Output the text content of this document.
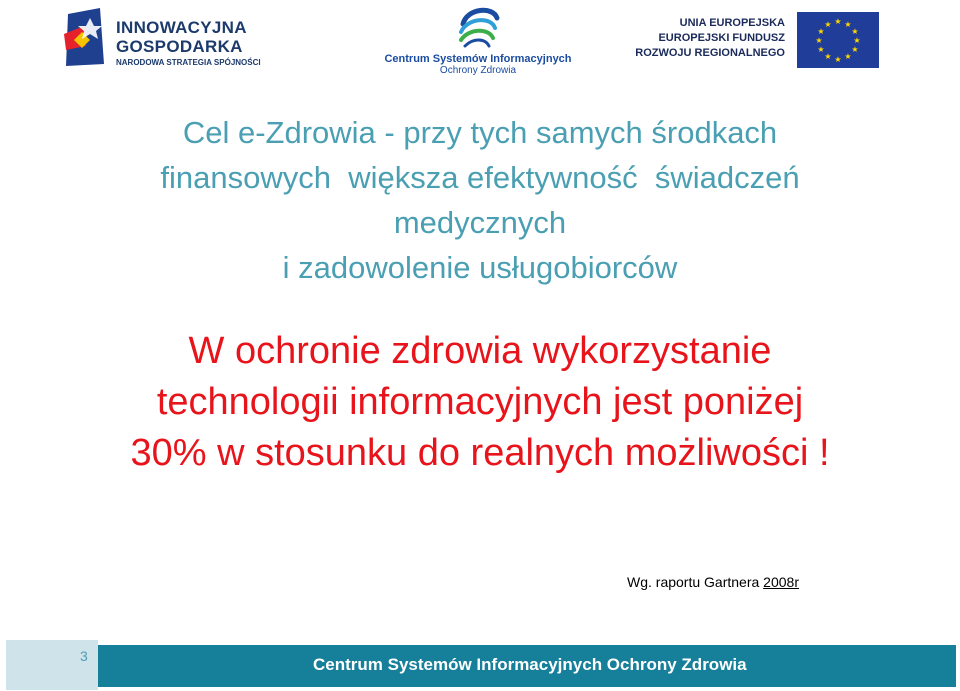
INNOWACYJNA
GOSPODARKA
NARODOWA STRATEGIA SPÓJNOŚCI	Centrum Systemów Informacyjnych
Ochrony Zdrowia
UNIA EUROPEJSKA
EUROPEJSKI FUNDUSZ
ROZWOJU REGIONALNEGO
★ ★
★
★
★
★
★
★
★
★
★
★
Cel e-Zdrowia - przy tych samych środkach
finansowych  większa efektywność  świadczeń
medycznych
i zadowolenie usługobiorców
W ochronie zdrowia wykorzystanie
technologii informacyjnych jest poniżej
30% w stosunku do realnych możliwości !
Wg. raportu Gartnera 2008r
3	Centrum Systemów Informacyjnych Ochrony Zdrowia
